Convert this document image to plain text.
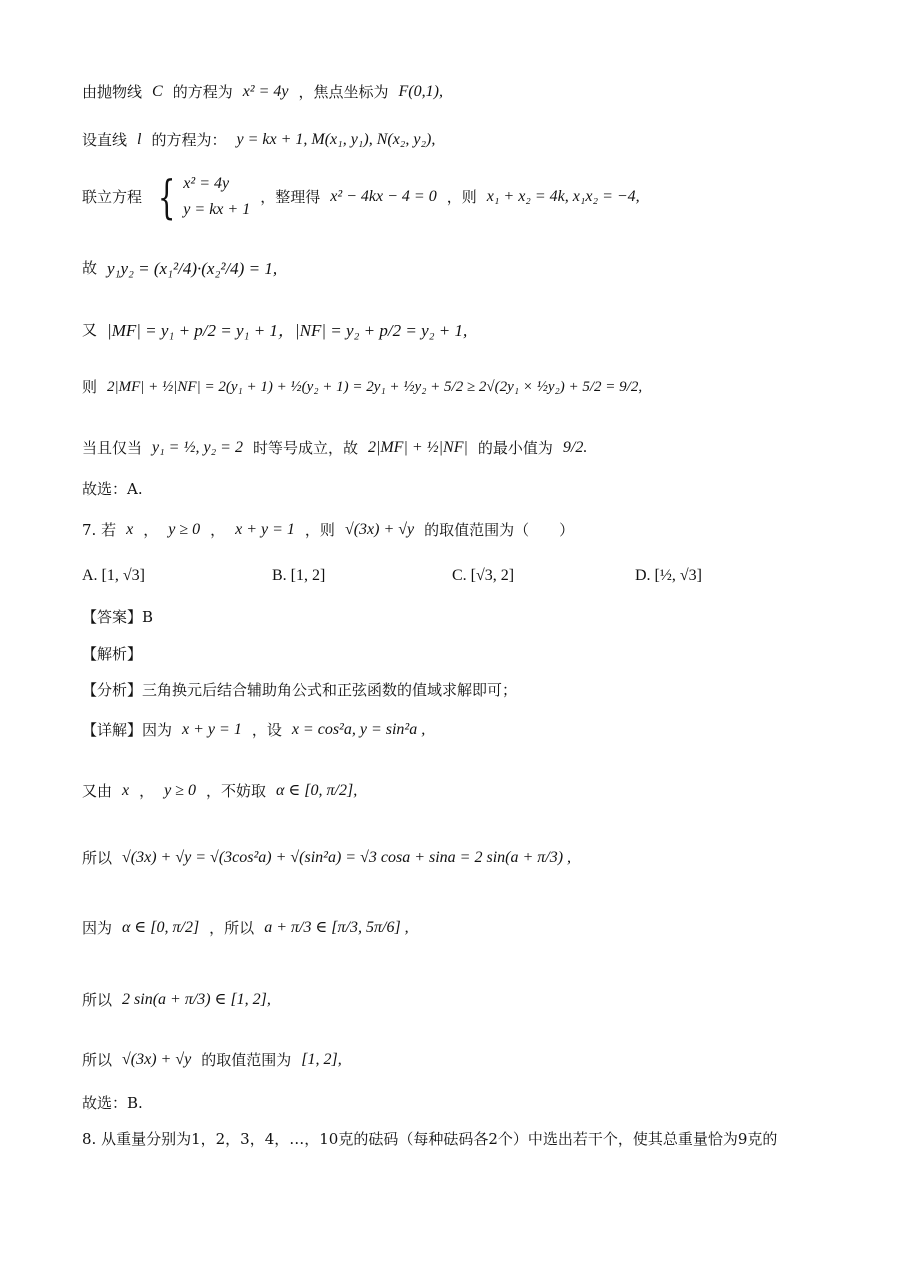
由抛物线 C 的方程为 x² = 4y ，焦点坐标为 F(0,1),
设直线 l 的方程为： y = kx + 1, M(x₁, y₁), N(x₂, y₂),
联立方程 { x² = 4y
y = kx + 1
，整理得 x² − 4kx − 4 = 0 ，则 x₁ + x₂ = 4k, x₁x₂ = −4,
故 y₁y₂ = (x₁²/4)·(x₂²/4) = 1,
又 |MF| = y₁ + p/2 = y₁ + 1，|NF| = y₂ + p/2 = y₂ + 1,
则 2|MF| + ½|NF| = 2(y₁ + 1) + ½(y₂ + 1) = 2y₁ + ½y₂ + 5/2 ≥ 2√(2y₁ × ½y₂) + 5/2 = 9/2,
当且仅当 y₁ = ½, y₂ = 2 时等号成立，故 2|MF| + ½|NF| 的最小值为 9/2.
故选：A.
7. 若 x ， y ≥ 0 ， x + y = 1 ，则 √(3x) + √y 的取值范围为（　　）
A. [1, √3]	B. [1, 2]	C. [√3, 2]	D. [½, √3]
【答案】B
【解析】
【分析】三角换元后结合辅助角公式和正弦函数的值域求解即可；
【详解】因为 x + y = 1 ，设 x = cos²a, y = sin²a ,
又由 x ， y ≥ 0 ，不妨取 α ∈ [0, π/2],
所以 √(3x) + √y = √(3cos²a) + √(sin²a) = √3 cosa + sina = 2 sin(a + π/3) ,
因为 α ∈ [0, π/2] ，所以 a + π/3 ∈ [π/3, 5π/6] ,
所以 2 sin(a + π/3) ∈ [1, 2],
所以 √(3x) + √y 的取值范围为 [1, 2],
故选：B.
8. 从重量分别为1，2，3，4，…，10克的砝码（每种砝码各2个）中选出若干个，使其总重量恰为9克的
